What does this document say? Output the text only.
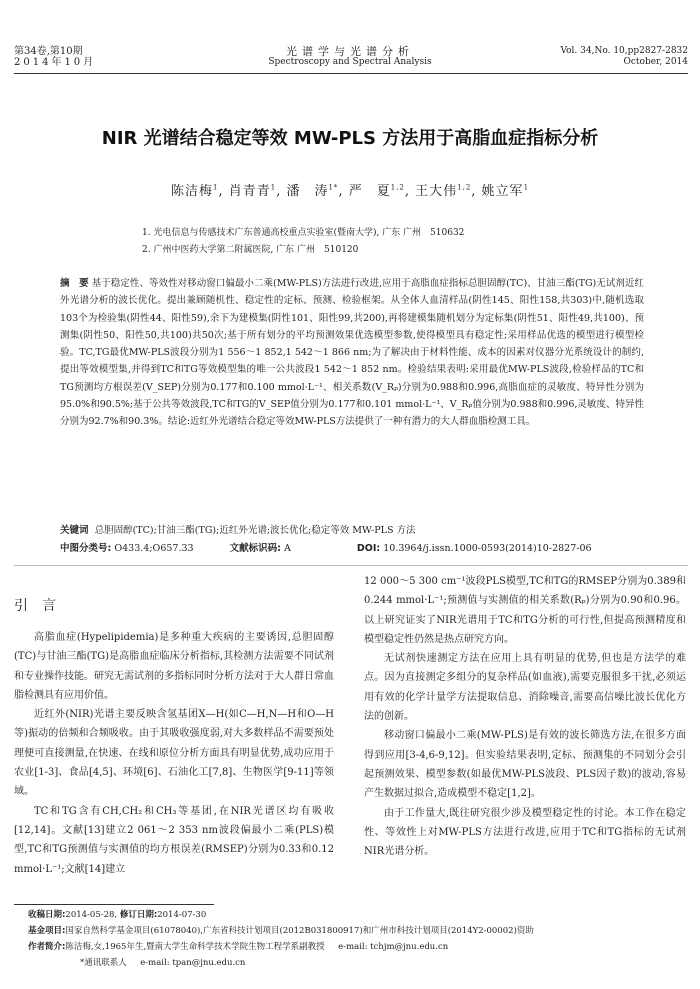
第34卷,第10期
2014年10月
光谱学与光谱分析
Spectroscopy and Spectral Analysis
Vol. 34,No. 10,pp2827-2832
October, 2014
NIR 光谱结合稳定等效 MW-PLS 方法用于高脂血症指标分析
陈洁梅$^1$, 肖青青$^1$, 潘　涛$^{1*}$, 严　夏$^{1,2}$, 王大伟$^{1,2}$, 姚立军$^1$
1. 光电信息与传感技术广东普通高校重点实验室(暨南大学), 广东 广州　510632
2. 广州中医药大学第二附属医院, 广东 广州　510120
摘　要 基于稳定性、等效性对移动窗口偏最小二乘(MW-PLS)方法进行改进,应用于高脂血症指标总胆固醇(TC)、甘油三酯(TG)无试剂近红外光谱分析的波长优化。提出兼顾随机性、稳定性的定标、预测、检验框架。从全体人血清样品(阴性145、阳性158,共303)中,随机选取103个为检验集(阴性44、阳性59),余下为建模集(阴性101、阳性99,共200),再将建模集随机划分为定标集(阴性51、阳性49,共100)、预测集(阴性50、阳性50,共100)共50次;基于所有划分的平均预测效果优选模型参数,使得模型具有稳定性;采用样品优选的模型进行模型检验。TC,TG最优MW-PLS波段分别为1 556～1 852,1 542～1 866 nm;为了解决由于材料性能、成本的因素对仪器分光系统设计的制约,提出等效模型集,并得到TC和TG等效模型集的唯一公共波段1 542～1 852 nm。检验结果表明:采用最优MW-PLS波段,检验样品的TC和TG预测均方根误差(V_SEP)分别为0.177和0.100 mmol·L⁻¹、相关系数(V_Rₚ)分别为0.988和0.996,高脂血症的灵敏度、特异性分别为95.0%和90.5%;基于公共等效波段,TC和TG的V_SEP值分别为0.177和0.101 mmol·L⁻¹、V_Rₚ值分别为0.988和0.996,灵敏度、特异性分别为92.7%和90.3%。结论:近红外光谱结合稳定等效MW-PLS方法提供了一种有潜力的大人群血脂检测工具。
关键词 总胆固醇(TC);甘油三酯(TG);近红外光谱;波长优化;稳定等效 MW-PLS 方法
中图分类号: O433.4;O657.33	文献标识码: A	DOI: 10.3964/j.issn.1000-0593(2014)10-2827-06
引言

高脂血症(Hypelipidemia)是多种重大疾病的主要诱因,总胆固醇(TC)与甘油三酯(TG)是高脂血症临床分析指标,其检测方法需要不同试剂和专业操作技能。研究无需试剂的多指标同时分析方法对于大人群日常血脂检测具有应用价值。

近红外(NIR)光谱主要反映含氢基团X—H(如C—H,N—H和O—H等)振动的倍频和合频吸收。由于其吸收强度弱,对大多数样品不需要预处理便可直接测量,在快速、在线和原位分析方面具有明显优势,成功应用于农业[1-3]、食品[4,5]、环境[6]、石油化工[7,8]、生物医学[9-11]等领域。

TC和TG含有CH,CH₂和CH₃等基团,在NIR光谱区均有吸收[12,14]。文献[13]建立2 061～2 353 nm波段偏最小二乘(PLS)模型,TC和TG预测值与实测值的均方根误差(RMSEP)分别为0.33和0.12 mmol·L⁻¹;文献[14]建立

12 000～5 300 cm⁻¹波段PLS模型,TC和TG的RMSEP分别为0.389和0.244 mmol·L⁻¹;预测值与实测值的相关系数(Rₚ)分别为0.90和0.96。以上研究证实了NIR光谱用于TC和TG分析的可行性,但提高预测精度和模型稳定性仍然是热点研究方向。

无试剂快速测定方法在应用上具有明显的优势,但也是方法学的难点。因为直接测定多组分的复杂样品(如血液),需要克服很多干扰,必须运用有效的化学计量学方法提取信息、消除噪音,需要高信噪比波长优化方法的创新。

移动窗口偏最小二乘(MW-PLS)是有效的波长筛选方法,在很多方面得到应用[3-4,6-9,12]。但实验结果表明,定标、预测集的不同划分会引起预测效果、模型参数(如最优MW-PLS波段、PLS因子数)的波动,容易产生数据过拟合,造成模型不稳定[1,2]。

由于工作量大,既往研究很少涉及模型稳定性的讨论。本工作在稳定性、等效性上对MW-PLS方法进行改进,应用于TC和TG指标的无试剂NIR光谱分析。

收稿日期:2014-05-28, 修订日期:2014-07-30
基金项目:国家自然科学基金项目(61078040),广东省科技计划项目(2012B031800917)和广州市科技计划项目(2014Y2-00002)资助
作者简介:陈洁梅,女,1965年生,暨南大学生命科学技术学院生物工程学系副教授 e-mail: tchjm@jnu.edu.cn
*通讯联系人 e-mail: tpan@jnu.edu.cn
